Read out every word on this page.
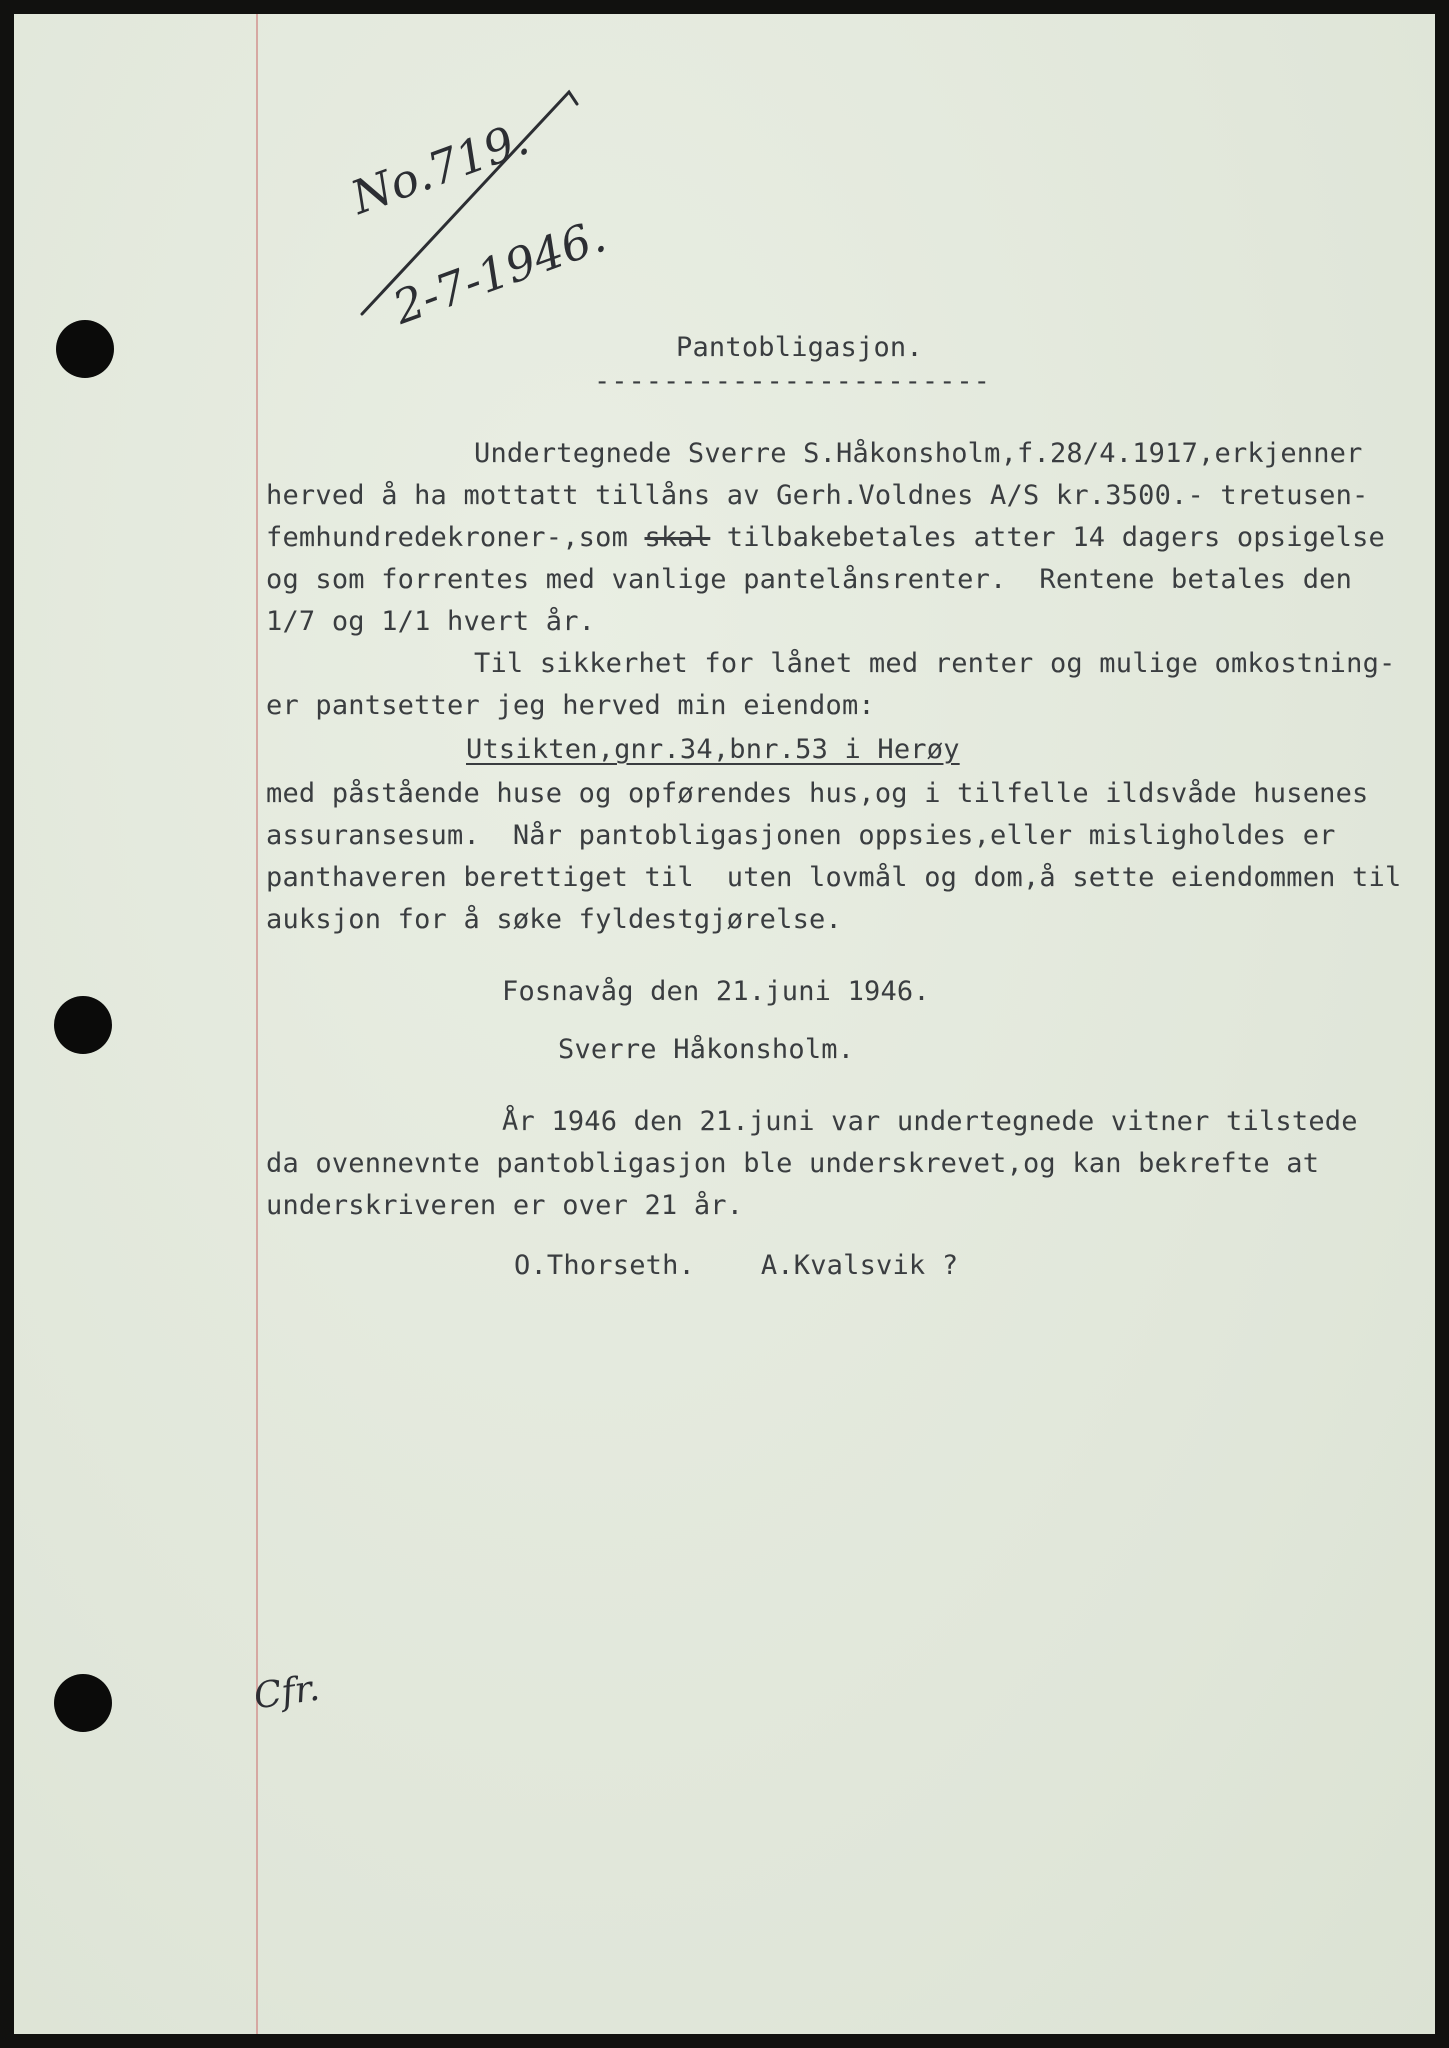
No.719.
2-7-1946.
Cfr.
Pantobligasjon.
-----------------------
Undertegnede Sverre S.Håkonsholm,f.28/4.1917,erkjenner
herved å ha mottatt tillåns av Gerh.Voldnes A/S kr.3500.- tretusen-
femhundredekroner-,som skal tilbakebetales atter 14 dagers opsigelse
og som forrentes med vanlige pantelånsrenter.  Rentene betales den
1/7 og 1/1 hvert år.
Til sikkerhet for lånet med renter og mulige omkostning-
er pantsetter jeg herved min eiendom:
Utsikten,gnr.34,bnr.53 i Herøy
med påstående huse og opførendes hus,og i tilfelle ildsvåde husenes
assuransesum.  Når pantobligasjonen oppsies,eller misligholdes er
panthaveren berettiget til  uten lovmål og dom,å sette eiendommen til
auksjon for å søke fyldestgjørelse.
Fosnavåg den 21.juni 1946.
Sverre Håkonsholm.
År 1946 den 21.juni var undertegnede vitner tilstede
da ovennevnte pantobligasjon ble underskrevet,og kan bekrefte at
underskriveren er over 21 år.
O.Thorseth.    A.Kvalsvik ?
